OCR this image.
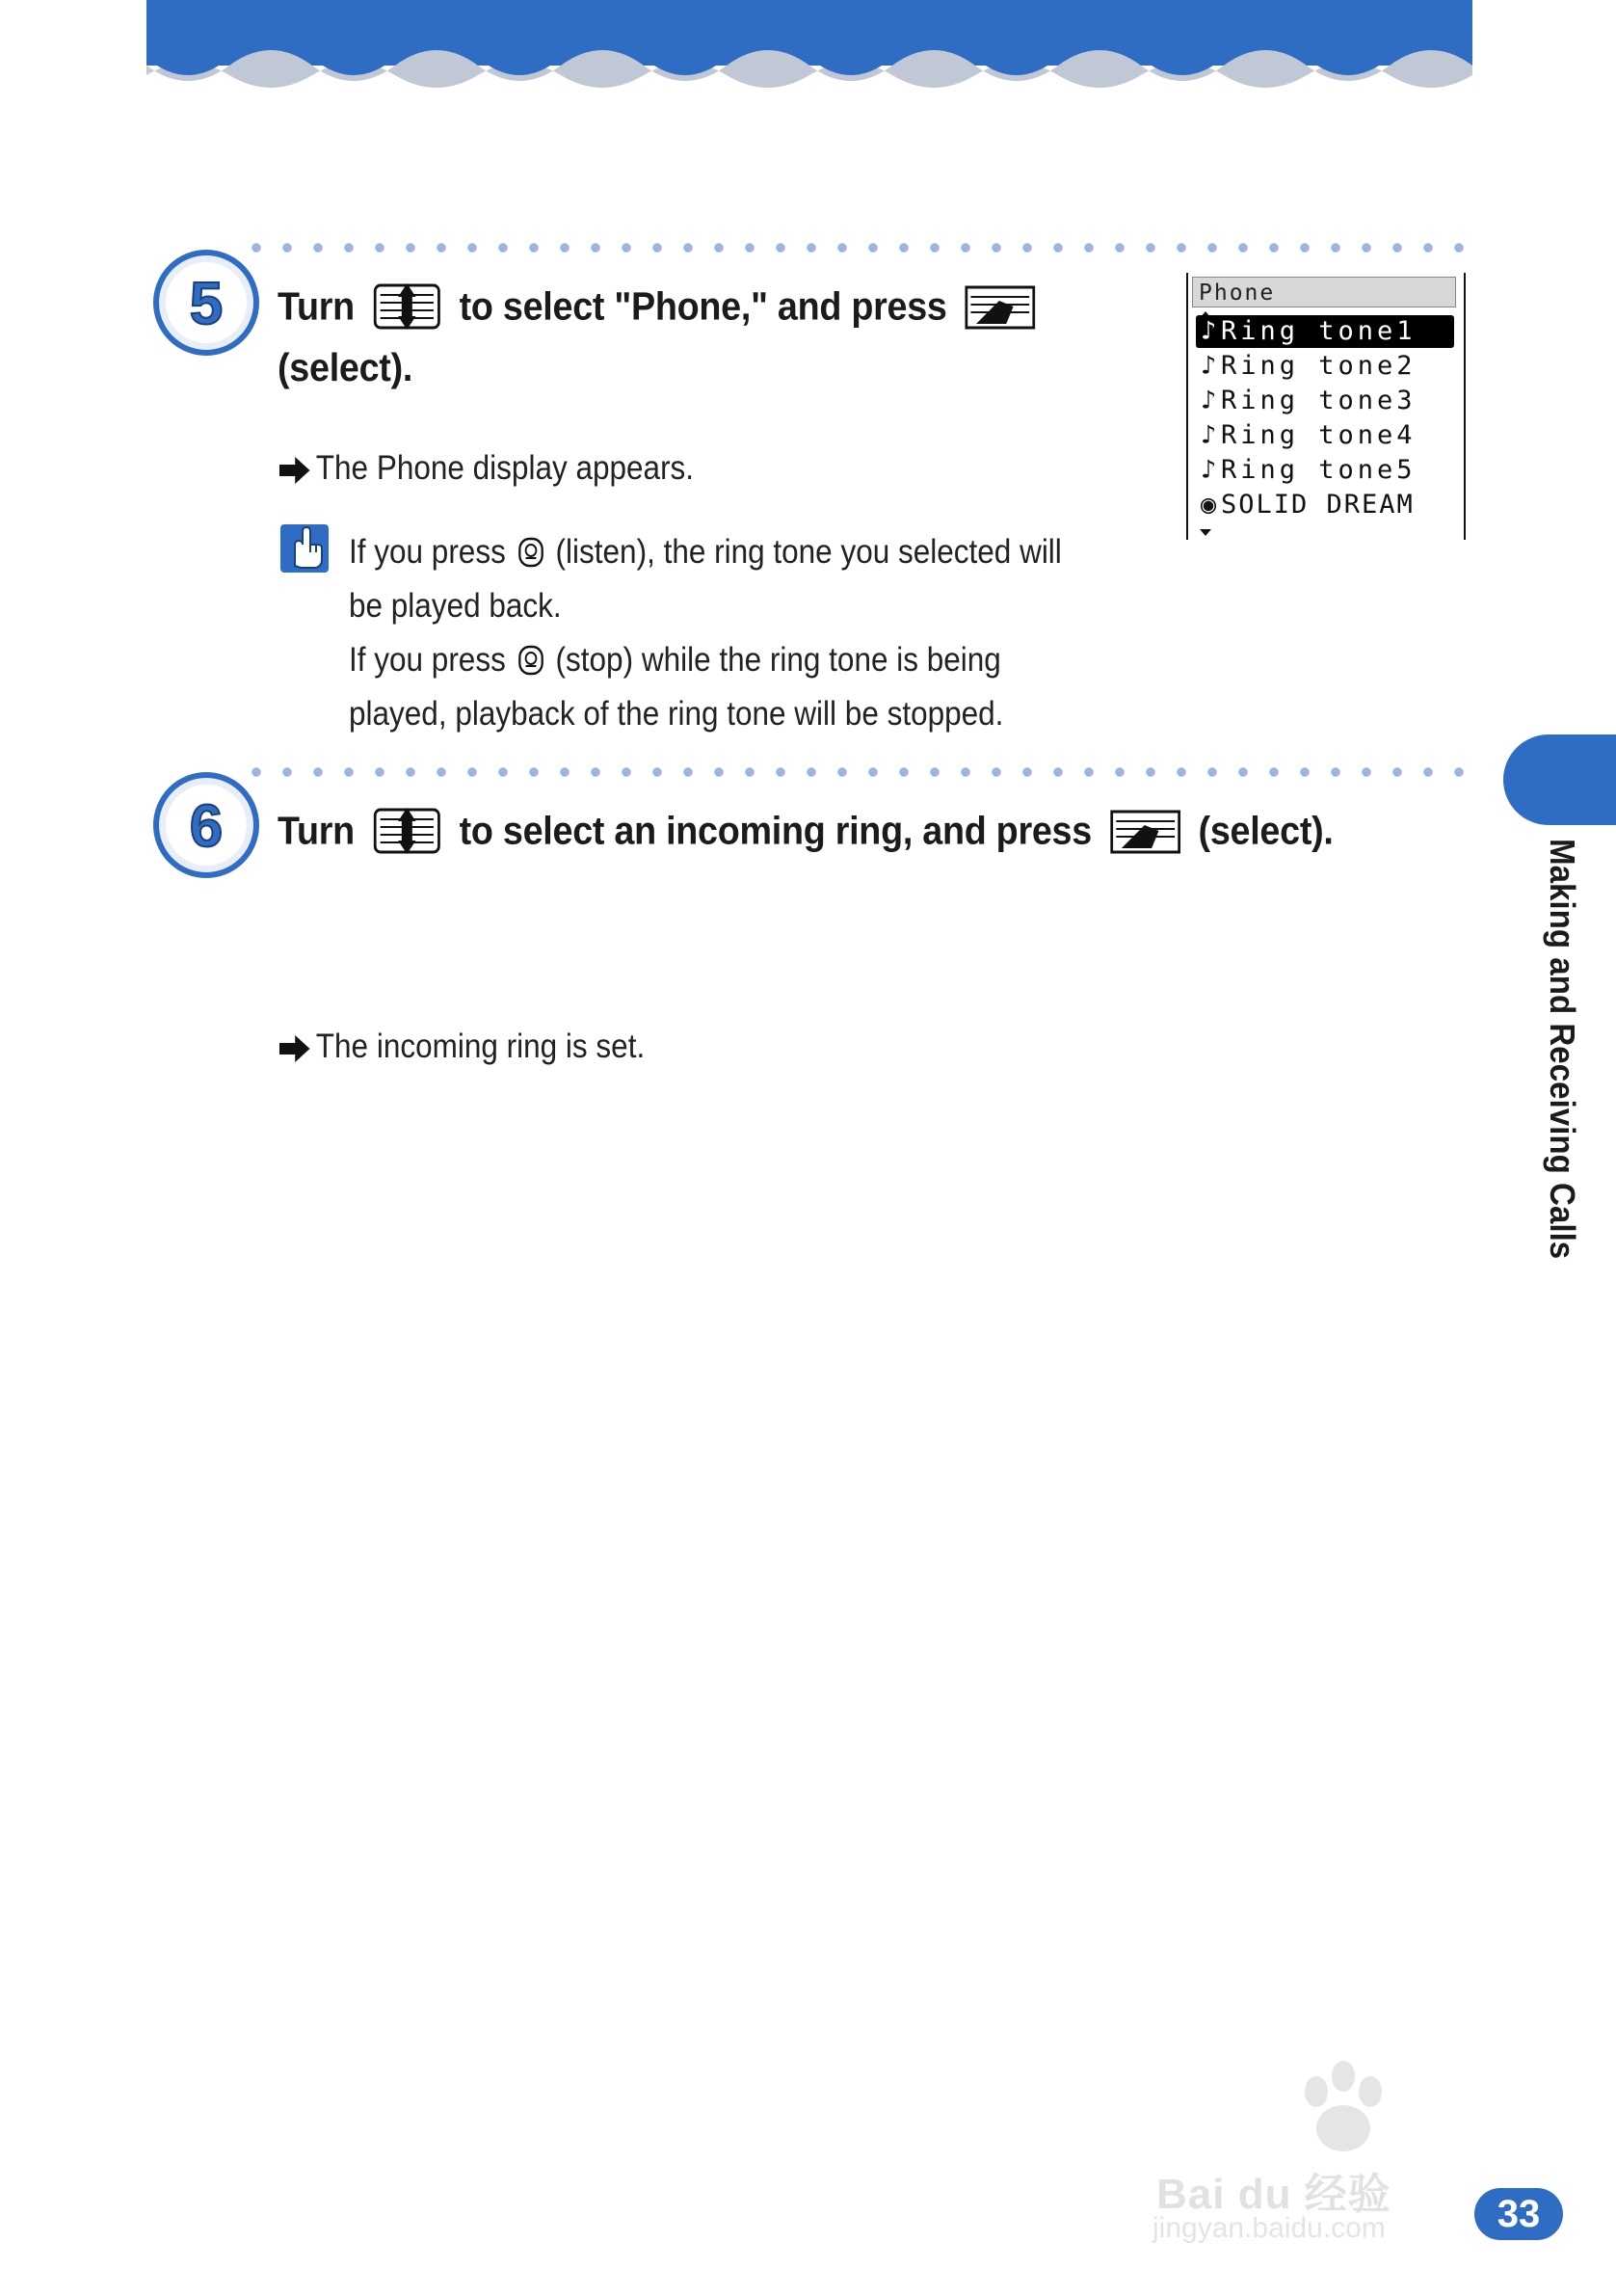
5 Turn	to select "Phone," and press
(select).
The Phone display appears.
If you press (listen), the ring tone you selected will
be played back.
If you press (stop) while the ring tone is being
played, playback of the ring tone will be stopped.
Phone
♪ Ring tone1
♪ Ring tone2
♪ Ring tone3
♪ Ring tone4
♪ Ring tone5
◉ SOLID DREAM
6 Turn	to select an incoming ring, and press	(select).
The incoming ring is set.	Making and Receiving Calls
Bai du 经验
jingyan.baidu.com	33
